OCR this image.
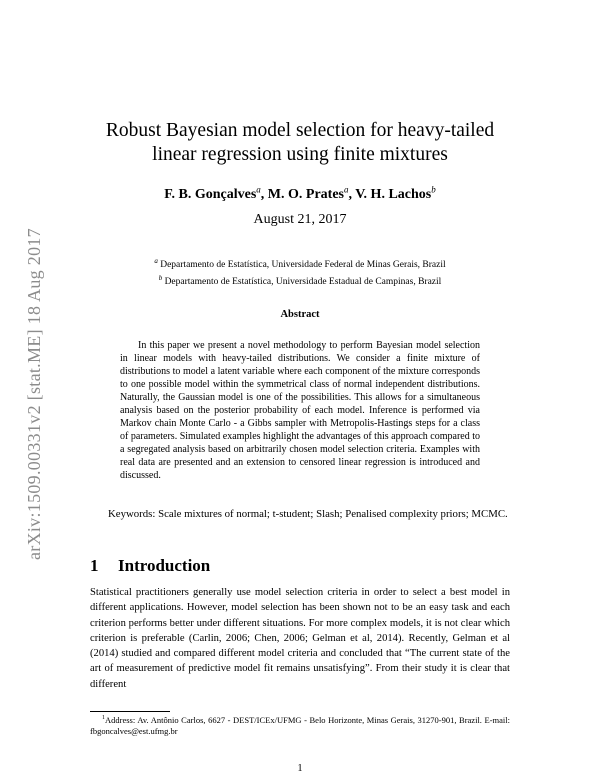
arXiv:1509.00331v2 [stat.ME] 18 Aug 2017
Robust Bayesian model selection for heavy-tailed
linear regression using finite mixtures
F. B. Gonçalves$^a$, M. O. Prates$^a$, V. H. Lachos$^b$
August 21, 2017
$^a$ Departamento de Estatística, Universidade Federal de Minas Gerais, Brazil
$^b$ Departamento de Estatística, Universidade Estadual de Campinas, Brazil
Abstract
In this paper we present a novel methodology to perform Bayesian model selection in linear models with heavy-tailed distributions. We consider a finite mixture of distributions to model a latent variable where each component of the mixture corresponds to one possible model within the symmetrical class of normal independent distributions. Naturally, the Gaussian model is one of the possibilities. This allows for a simultaneous analysis based on the posterior probability of each model. Inference is performed via Markov chain Monte Carlo - a Gibbs sampler with Metropolis-Hastings steps for a class of parameters. Simulated examples highlight the advantages of this approach compared to a segregated analysis based on arbitrarily chosen model selection criteria. Examples with real data are presented and an extension to censored linear regression is introduced and discussed.
Keywords: Scale mixtures of normal; t-student; Slash; Penalised complexity priors; MCMC.
1 Introduction
Statistical practitioners generally use model selection criteria in order to select a best model in different applications. However, model selection has been shown not to be an easy task and each criterion performs better under different situations. For more complex models, it is not clear which criterion is preferable (Carlin, 2006; Chen, 2006; Gelman et al, 2014). Recently, Gelman et al (2014) studied and compared different model criteria and concluded that “The current state of the art of measurement of predictive model fit remains unsatisfying”. From their study it is clear that different
$^1$Address: Av. Antônio Carlos, 6627 - DEST/ICEx/UFMG - Belo Horizonte, Minas Gerais, 31270-901, Brazil. E-mail: fbgoncalves@est.ufmg.br
1
